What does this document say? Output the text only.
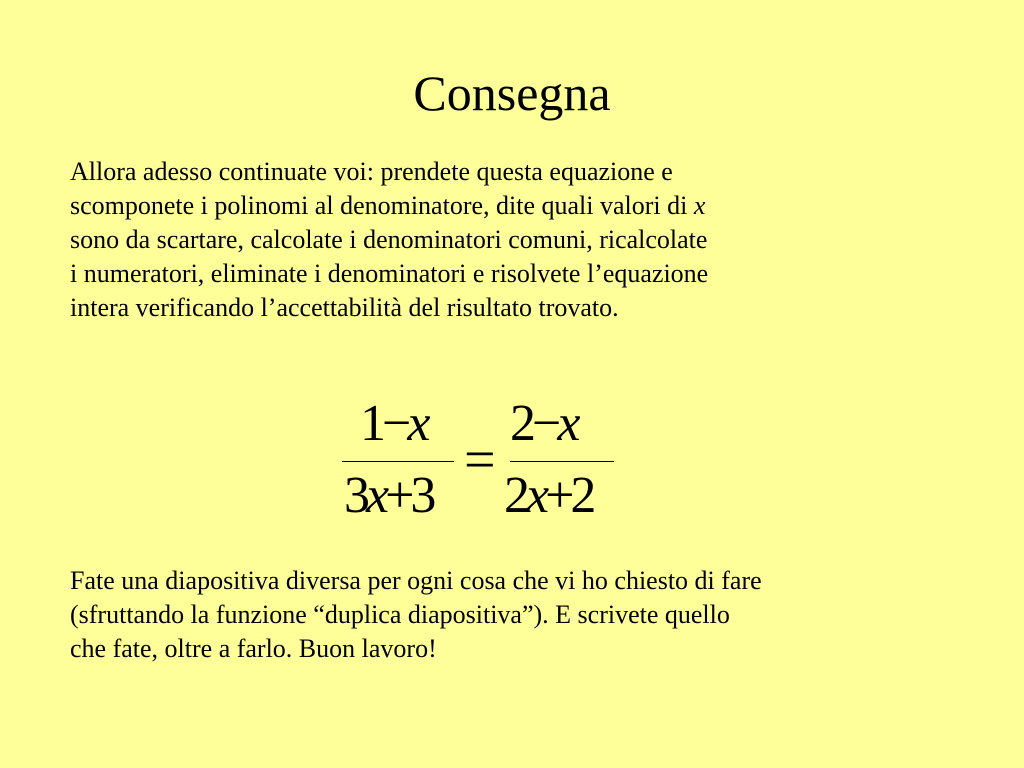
Consegna
Allora adesso continuate voi: prendete questa equazione e
scomponete i polinomi al denominatore, dite quali valori di x
sono da scartare, calcolate i denominatori comuni, ricalcolate
i numeratori, eliminate i denominatori e risolvete l’equazione
intera verificando l’accettabilità del risultato trovato.
1−x
3x+3
=
2−x
2x+2
Fate una diapositiva diversa per ogni cosa che vi ho chiesto di fare
(sfruttando la funzione “duplica diapositiva”). E scrivete quello
che fate, oltre a farlo. Buon lavoro!
